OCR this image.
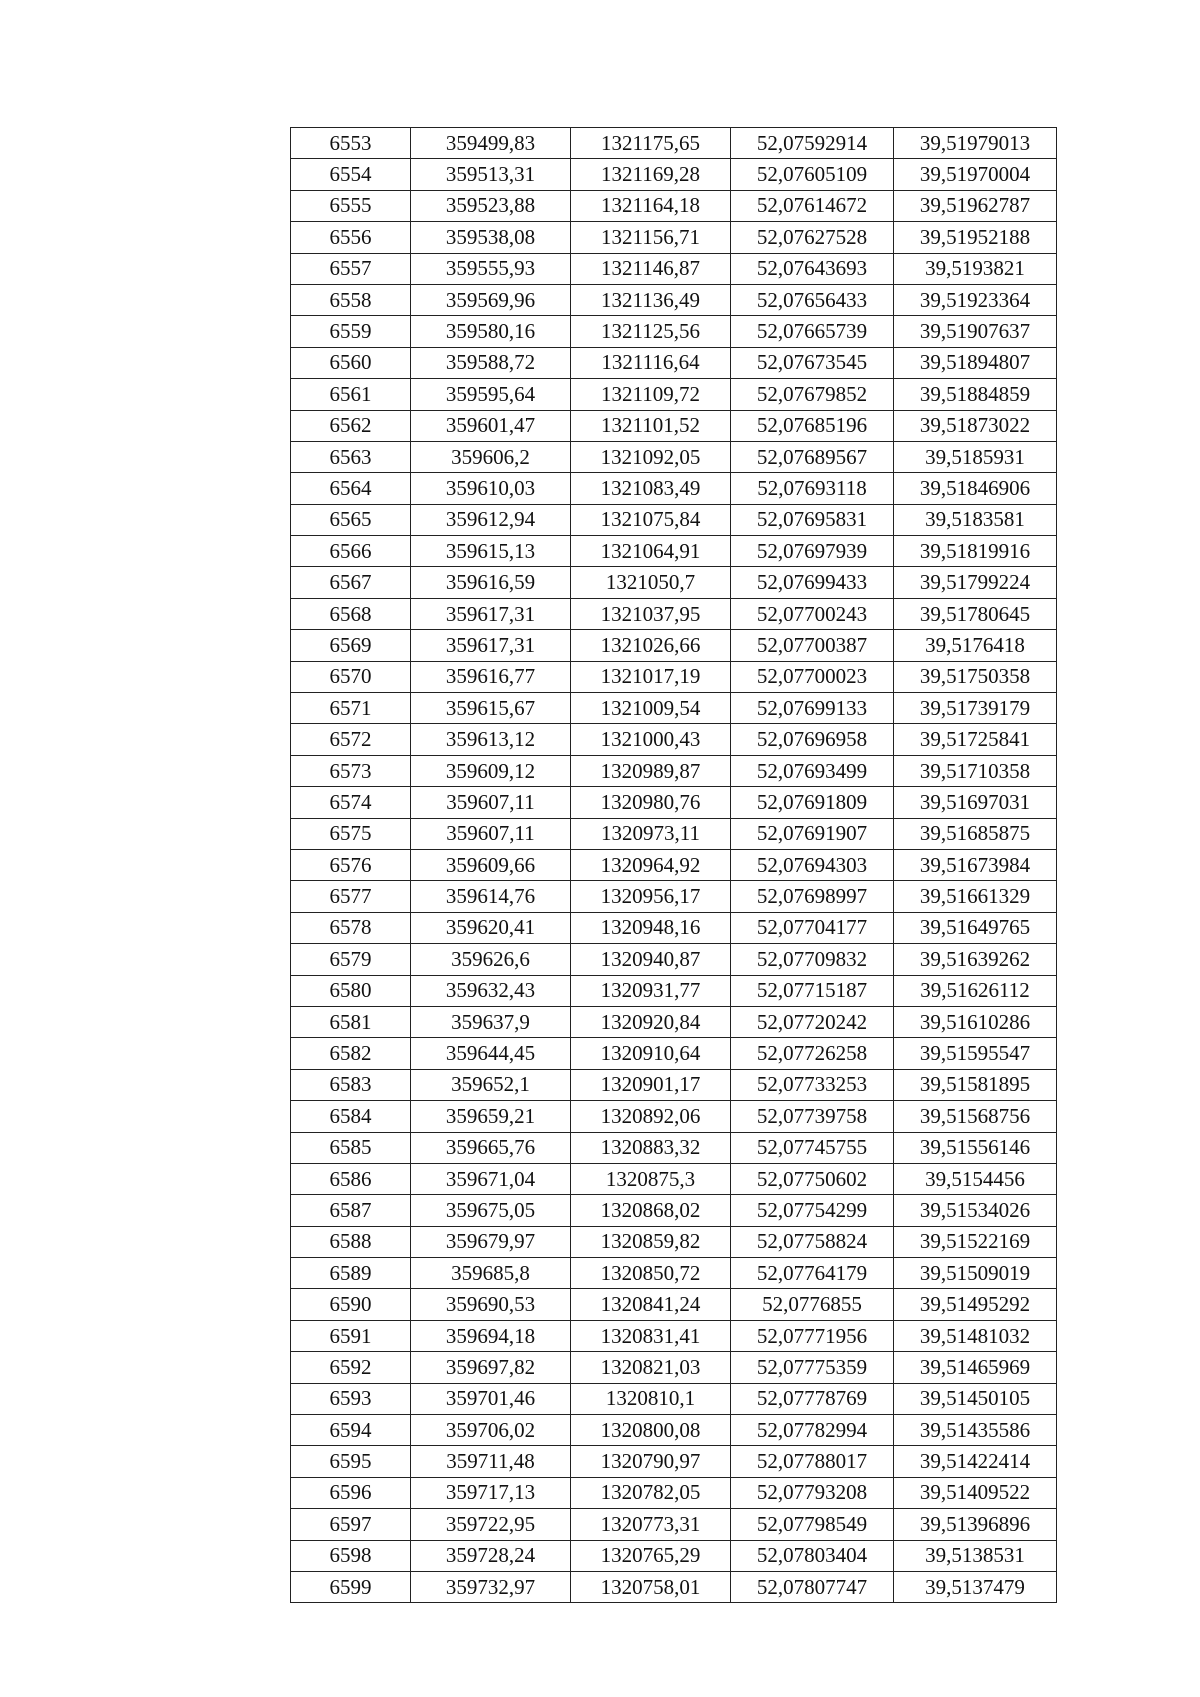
6553	359499,83	1321175,65	52,07592914	39,51979013
6554	359513,31	1321169,28	52,07605109	39,51970004
6555	359523,88	1321164,18	52,07614672	39,51962787
6556	359538,08	1321156,71	52,07627528	39,51952188
6557	359555,93	1321146,87	52,07643693	39,5193821
6558	359569,96	1321136,49	52,07656433	39,51923364
6559	359580,16	1321125,56	52,07665739	39,51907637
6560	359588,72	1321116,64	52,07673545	39,51894807
6561	359595,64	1321109,72	52,07679852	39,51884859
6562	359601,47	1321101,52	52,07685196	39,51873022
6563	359606,2	1321092,05	52,07689567	39,5185931
6564	359610,03	1321083,49	52,07693118	39,51846906
6565	359612,94	1321075,84	52,07695831	39,5183581
6566	359615,13	1321064,91	52,07697939	39,51819916
6567	359616,59	1321050,7	52,07699433	39,51799224
6568	359617,31	1321037,95	52,07700243	39,51780645
6569	359617,31	1321026,66	52,07700387	39,5176418
6570	359616,77	1321017,19	52,07700023	39,51750358
6571	359615,67	1321009,54	52,07699133	39,51739179
6572	359613,12	1321000,43	52,07696958	39,51725841
6573	359609,12	1320989,87	52,07693499	39,51710358
6574	359607,11	1320980,76	52,07691809	39,51697031
6575	359607,11	1320973,11	52,07691907	39,51685875
6576	359609,66	1320964,92	52,07694303	39,51673984
6577	359614,76	1320956,17	52,07698997	39,51661329
6578	359620,41	1320948,16	52,07704177	39,51649765
6579	359626,6	1320940,87	52,07709832	39,51639262
6580	359632,43	1320931,77	52,07715187	39,51626112
6581	359637,9	1320920,84	52,07720242	39,51610286
6582	359644,45	1320910,64	52,07726258	39,51595547
6583	359652,1	1320901,17	52,07733253	39,51581895
6584	359659,21	1320892,06	52,07739758	39,51568756
6585	359665,76	1320883,32	52,07745755	39,51556146
6586	359671,04	1320875,3	52,07750602	39,5154456
6587	359675,05	1320868,02	52,07754299	39,51534026
6588	359679,97	1320859,82	52,07758824	39,51522169
6589	359685,8	1320850,72	52,07764179	39,51509019
6590	359690,53	1320841,24	52,0776855	39,51495292
6591	359694,18	1320831,41	52,07771956	39,51481032
6592	359697,82	1320821,03	52,07775359	39,51465969
6593	359701,46	1320810,1	52,07778769	39,51450105
6594	359706,02	1320800,08	52,07782994	39,51435586
6595	359711,48	1320790,97	52,07788017	39,51422414
6596	359717,13	1320782,05	52,07793208	39,51409522
6597	359722,95	1320773,31	52,07798549	39,51396896
6598	359728,24	1320765,29	52,07803404	39,5138531
6599	359732,97	1320758,01	52,07807747	39,5137479
